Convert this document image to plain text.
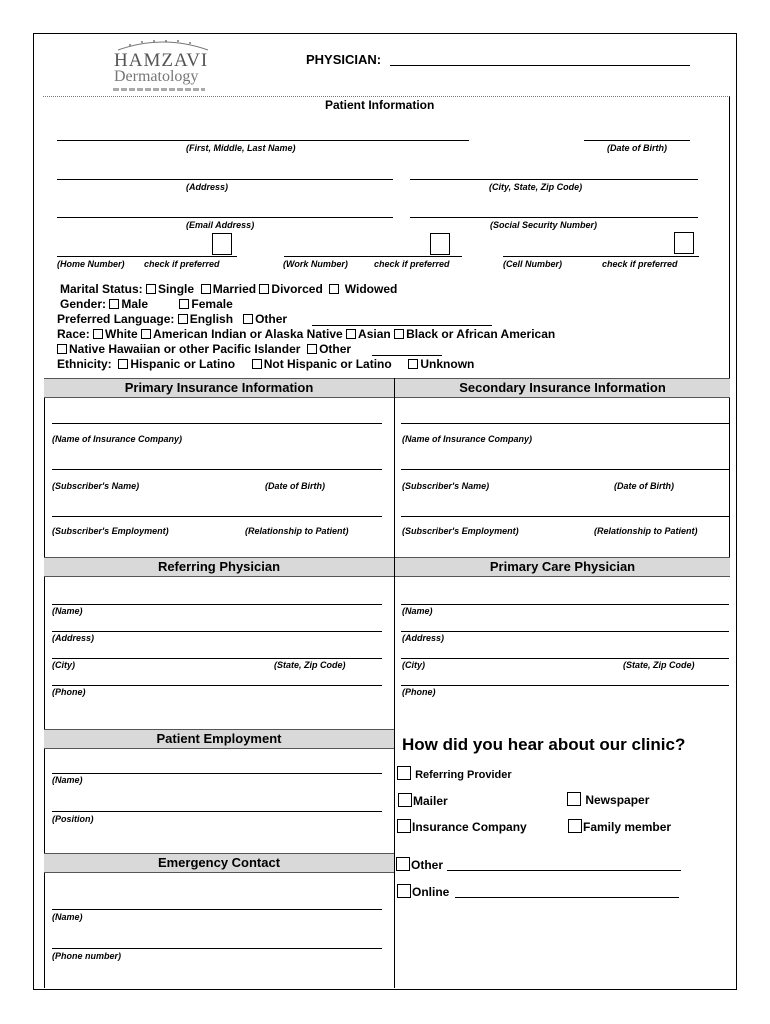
HAMZAVI
Dermatology
PHYSICIAN:
Patient Information
(First, Middle, Last Name)	(Date of Birth)
(Address)	(City, State, Zip Code)
(Email Address)	(Social Security Number)
(Home Number) check if preferred	(Work Number)	check if preferred	(Cell Number)	check if preferred
Marital Status: Single Married Divorced Widowed
Gender: Male	Female
Preferred Language: English Other
Race: White American Indian or Alaska Native Asian Black or African American
Native Hawaiian or other Pacific Islander Other
Ethnicity: Hispanic or Latino Not Hispanic or Latino Unknown
Primary Insurance Information	Secondary Insurance Information
(Name of Insurance Company)
(Subscriber's Name)	(Date of Birth)
(Subscriber's Employment)	(Relationship to Patient)
(Name of Insurance Company)
(Subscriber's Name)	(Date of Birth)
(Subscriber's Employment)	(Relationship to Patient)
Referring Physician	Primary Care Physician
(Name)
(Address)
(City)	(State, Zip Code)
(Phone)
(Name)
(Address)
(City)	(State, Zip Code)
(Phone)
Patient Employment
(Name)
(Position)
Emergency Contact
(Name)
(Phone number)
How did you hear about our clinic?
Referring Provider
Mailer	Newspaper
Insurance Company	Family member
Other
Online
